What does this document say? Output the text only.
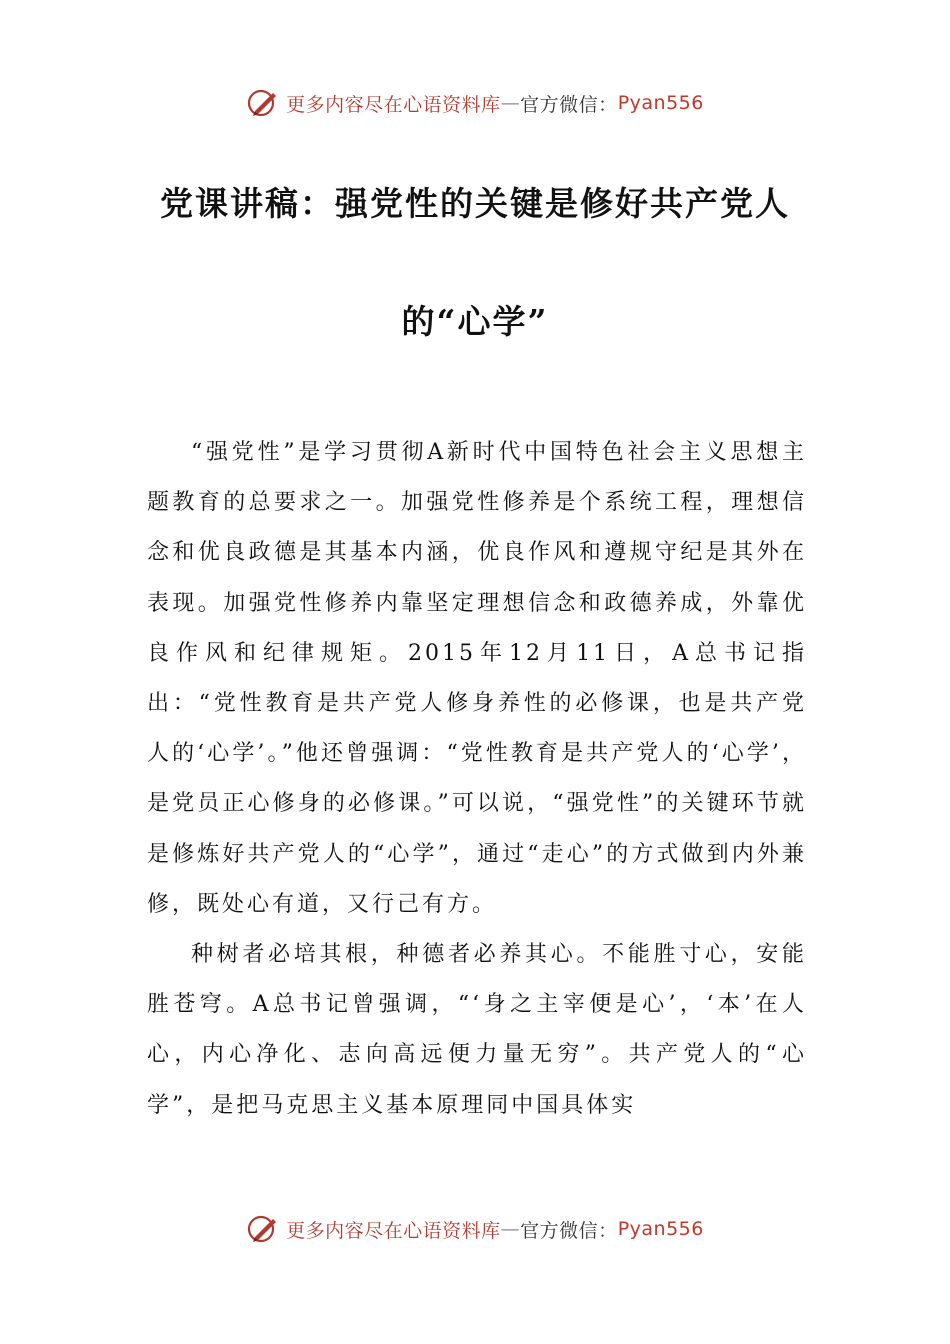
更多内容尽在心语资料库 — 官方微信： Pyan556
党课讲稿：强党性的关键是修好共产党人
的“心学”

“强党性”是学习贯彻A新时代中国特色社会主义思想主题教育的总要求之一。加强党性修养是个系统工程，理想信念和优良政德是其基本内涵，优良作风和遵规守纪是其外在表现。加强党性修养内靠坚定理想信念和政德养成，外靠优良作风和纪律规矩。2015年12月11日，A总书记指出：“党性教育是共产党人修身养性的必修课，也是共产党人的‘心学’。”他还曾强调：“党性教育是共产党人的‘心学’，是党员正心修身的必修课。”可以说，“强党性”的关键环节就是修炼好共产党人的“心学”，通过“走心”的方式做到内外兼修，既处心有道，又行己有方。

种树者必培其根，种德者必养其心。不能胜寸心，安能胜苍穹。A总书记曾强调，“‘身之主宰便是心’，‘本’在人心，内心净化、志向高远便力量无穷”。共产党人的“心学”，是把马克思主义基本原理同中国具体实

更多内容尽在心语资料库 — 官方微信： Pyan556
